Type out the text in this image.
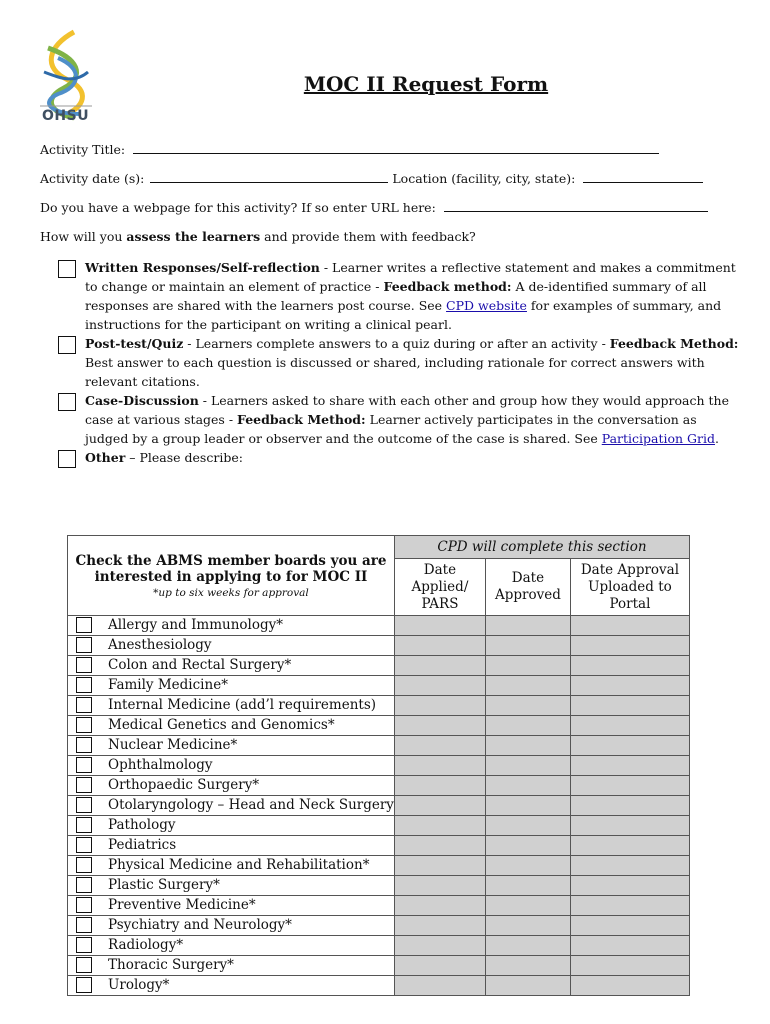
OHSU
MOC II Request Form
Activity Title:
Activity date (s):	Location (facility, city, state):
Do you have a webpage for this activity? If so enter URL here:
How will you assess the learners and provide them with feedback?
Written Responses/Self-reflection - Learner writes a reflective statement and makes a commitment to change or maintain an element of practice - Feedback method: A de-identified summary of all responses are shared with the learners post course. See CPD website for examples of summary, and instructions for the participant on writing a clinical pearl.
Post-test/Quiz - Learners complete answers to a quiz during or after an activity - Feedback Method: Best answer to each question is discussed or shared, including rationale for correct answers with relevant citations.
Case-Discussion - Learners asked to share with each other and group how they would approach the case at various stages - Feedback Method: Learner actively participates in the conversation as judged by a group leader or observer and the outcome of the case is shared. See Participation Grid.
Other – Please describe:
Check the ABMS member boards you are interested in applying to for MOC II
*up to six weeks for approval	CPD will complete this section		
	Date Applied/ PARS	Date Approved	Date Approval Uploaded to Portal

Allergy and Immunology*			

Anesthesiology			

Colon and Rectal Surgery*			

Family Medicine*			

Internal Medicine (add’l requirements)			

Medical Genetics and Genomics*			

Nuclear Medicine*			

Ophthalmology			

Orthopaedic Surgery*			

Otolaryngology – Head and Neck Surgery			

Pathology			

Pediatrics			

Physical Medicine and Rehabilitation*			

Plastic Surgery*			

Preventive Medicine*			

Psychiatry and Neurology*			

Radiology*			

Thoracic Surgery*			

Urology*			
